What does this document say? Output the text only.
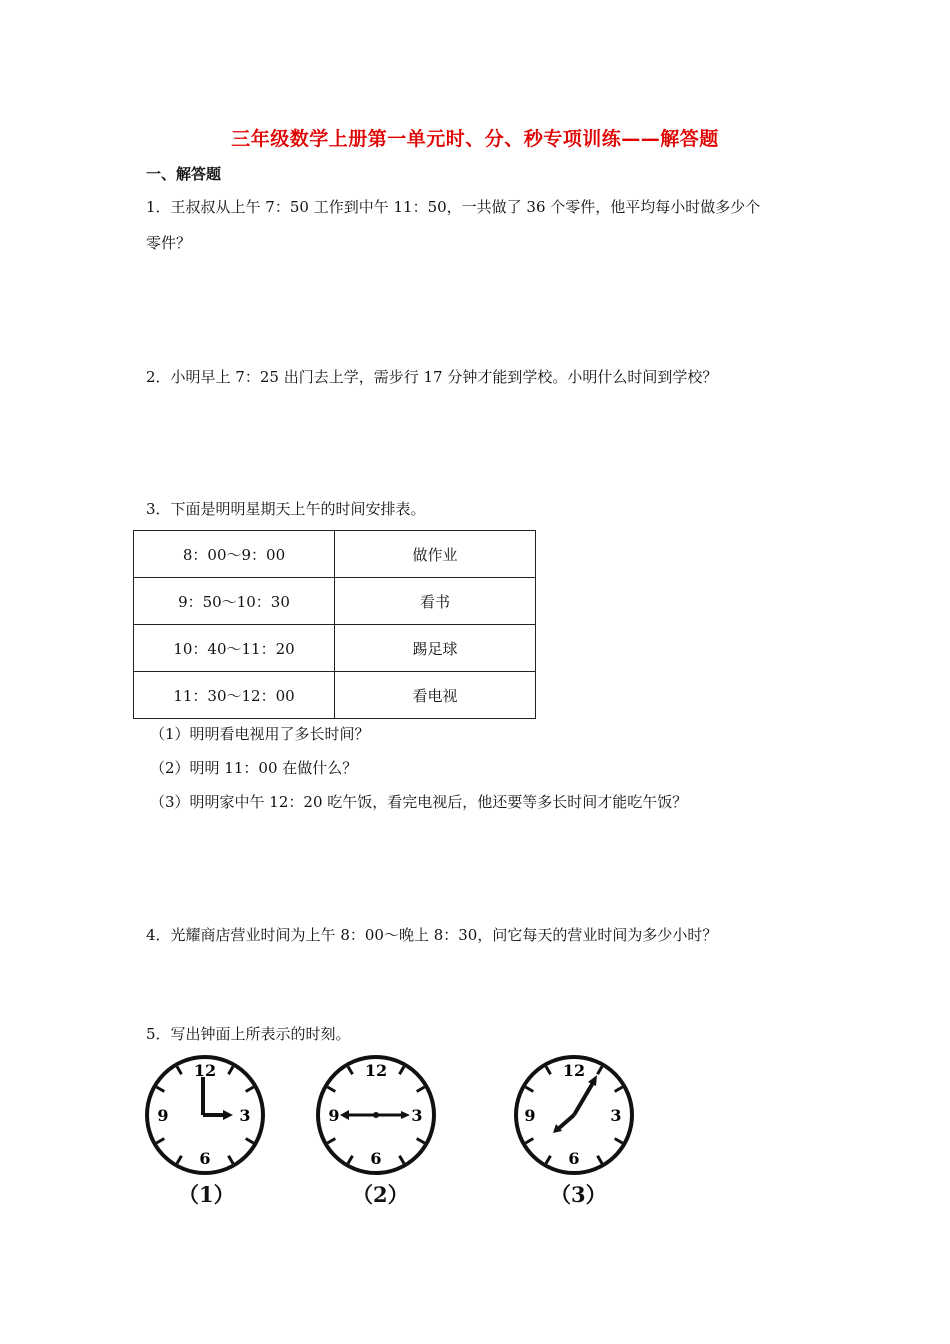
三年级数学上册第一单元时、分、秒专项训练——解答题
一、解答题
1．王叔叔从上午 7：50 工作到中午 11：50，一共做了 36 个零件，他平均每小时做多少个
零件？
2．小明早上 7：25 出门去上学，需步行 17 分钟才能到学校。小明什么时间到学校？
3．下面是明明星期天上午的时间安排表。
8：00～9：00	做作业
9：50～10：30	看书
10：40～11：20	踢足球
11：30～12：00	看电视
（1）明明看电视用了多长时间？
（2）明明 11：00 在做什么？
（3）明明家中午 12：20 吃午饭，看完电视后，他还要等多长时间才能吃午饭？
4．光耀商店营业时间为上午 8：00～晚上 8：30，问它每天的营业时间为多少小时？
5．写出钟面上所表示的时刻。
12
3
6
9
（1）
12
3
6
9
（2）
12
3
6
9
（3）
